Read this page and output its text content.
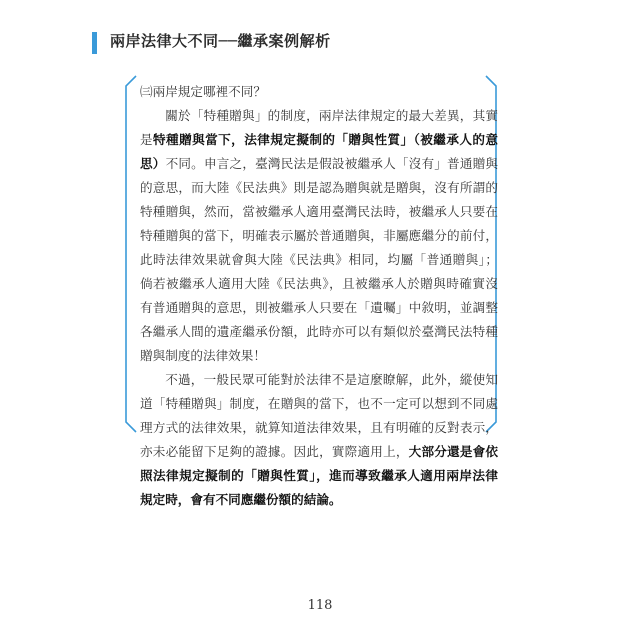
兩岸法律大不同──繼承案例解析

㈢兩岸規定哪裡不同？

關於「特種贈與」的制度，兩岸法律規定的最大差異，其實是特種贈與當下，法律規定擬制的「贈與性質」（被繼承人的意思）不同。申言之，臺灣民法是假設被繼承人「沒有」普通贈與的意思，而大陸《民法典》則是認為贈與就是贈與，沒有所謂的特種贈與，然而，當被繼承人適用臺灣民法時，被繼承人只要在特種贈與的當下，明確表示屬於普通贈與，非屬應繼分的前付，此時法律效果就會與大陸《民法典》相同，均屬「普通贈與」；倘若被繼承人適用大陸《民法典》，且被繼承人於贈與時確實沒有普通贈與的意思，則被繼承人只要在「遺囑」中敘明，並調整各繼承人間的遺產繼承份額，此時亦可以有類似於臺灣民法特種贈與制度的法律效果！

不過，一般民眾可能對於法律不是這麼瞭解，此外，縱使知道「特種贈與」制度，在贈與的當下，也不一定可以想到不同處理方式的法律效果，就算知道法律效果，且有明確的反對表示，亦未必能留下足夠的證據。因此，實際適用上，大部分還是會依照法律規定擬制的「贈與性質」，進而導致繼承人適用兩岸法律規定時，會有不同應繼份額的結論。

118
